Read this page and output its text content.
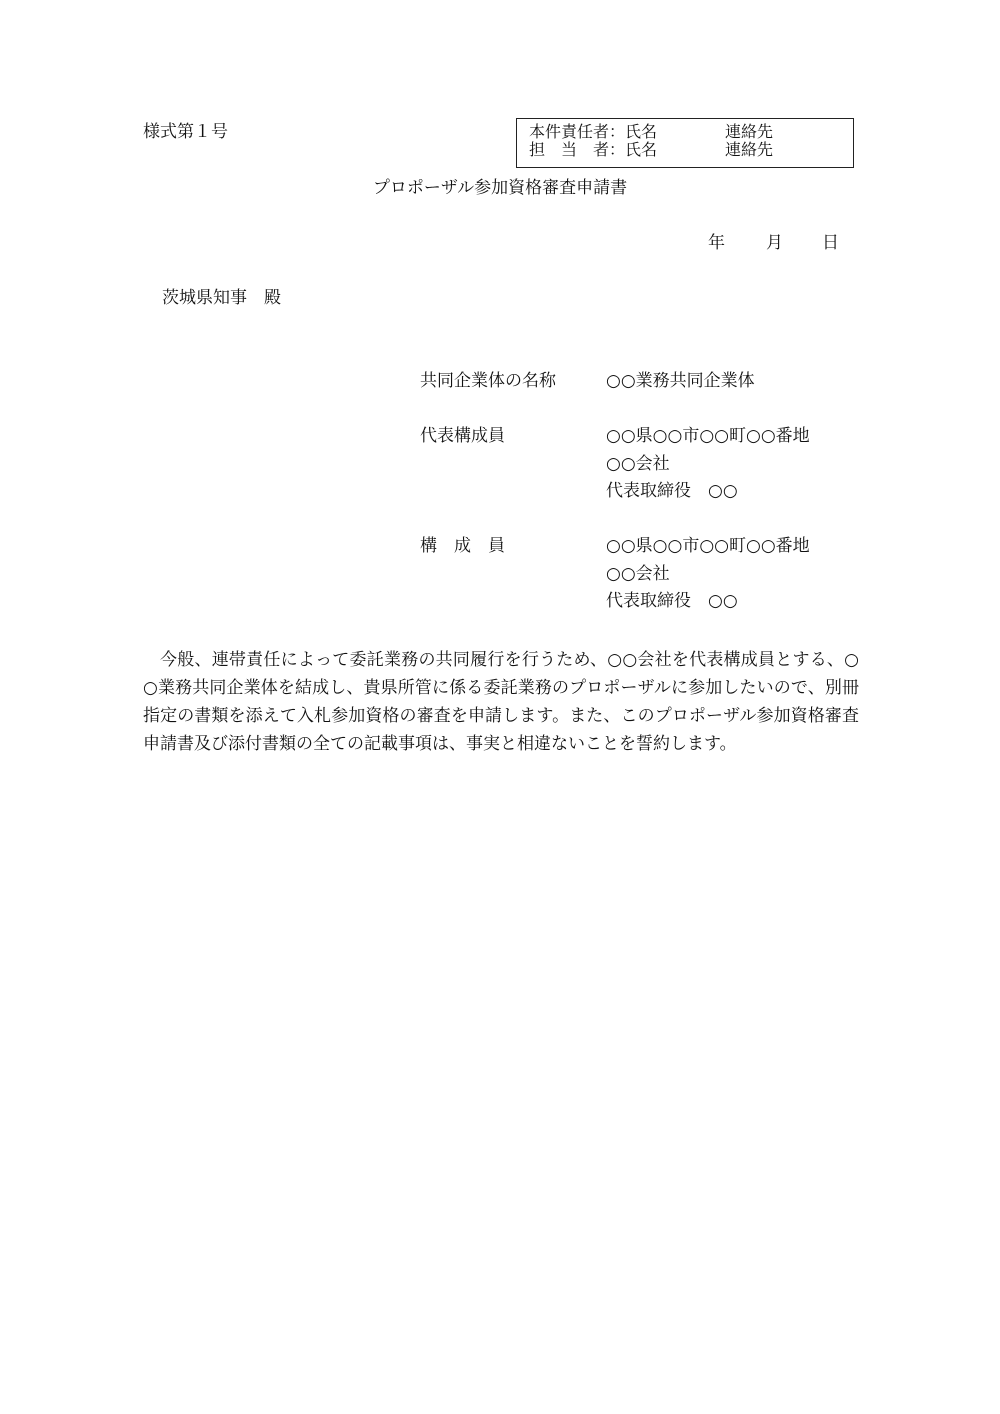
様式第１号	本件責任者：氏名	連絡先
担　当　者：氏名	連絡先
プロポーザル参加資格審査申請書
年 月 日
茨城県知事　殿
共同企業体の名称	○○業務共同企業体
代表構成員	○○県○○市○○町○○番地
○○会社
代表取締役　○○
構　成　員	○○県○○市○○町○○番地
○○会社
代表取締役　○○
今般、連帯責任によって委託業務の共同履行を行うため、○○会社を代表構成員とする、○○業務共同企業体を結成し、貴県所管に係る委託業務のプロポーザルに参加したいので、別冊指定の書類を添えて入札参加資格の審査を申請します。また、このプロポーザル参加資格審査申請書及び添付書類の全ての記載事項は、事実と相違ないことを誓約します。
